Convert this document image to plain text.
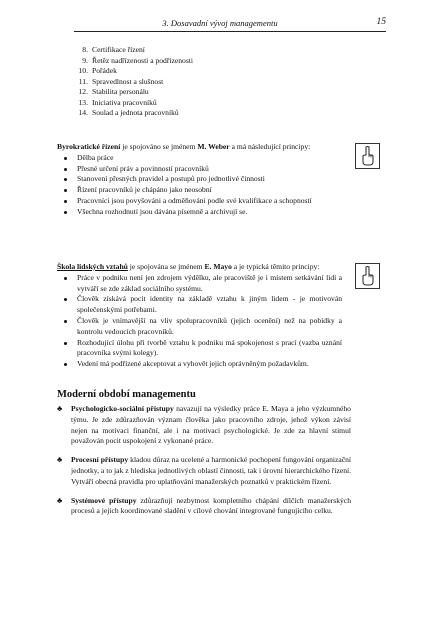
3. Dosavadní vývoj managementu	15
8. Certifikace řízení
9. Řetěz nadřízenosti a podřízenosti
10. Pořádek
11. Spravedlnost a slušnost
12. Stabilita personálu
13. Iniciativa pracovníků
14. Soulad a jednota pracovníků
Byrokratické řízení je spojováno se jménem M. Weber a má následující principy:
Dělba práce
Přesné určení práv a povinností pracovníků
Stanovení přesných pravidel a postupů pro jednotlivé činnosti
Řízení pracovníků je chápáno jako neosobní
Pracovníci jsou povyšováni a odměňováni podle své kvalifikace a schopností
Všechna rozhodnutí jsou dávána písemně a archivují se.
Škola lidských vztahů je spojována se jménem E. Mayo a je typická těmito principy:
Práce v podniku není jen zdrojem výdělku, ale pracoviště je i místem setkávání lidí a vytváří se zde základ sociálního systému.
Člověk získává pocit identity na základě vztahu k jiným lidem - je motivován společenskými potřebami.
Člověk je vnímavější na vliv spolupracovníků (jejich ocenění) než na pobídky a kontrolu vedoucích pracovníků.
Rozhodující úlohu při tvorbě vztahu k podniku má spokojenost s prací (vazba uznání pracovníka svými kolegy).
Vedení má podřízené akceptovat a vyhovět jejich oprávněným požadavkům.
Moderní období managementu
♣ Psychologicko-sociální přístupy navazují na výsledky práce E. Maya a jeho výzkumného týmu. Je zde zdůrazňován význam člověka jako pracovního zdroje, jehož výkon závisí nejen na motivaci finanční, ale i na motivaci psychologické. Je zde za hlavní stimul považován pocit uspokojení z vykonané práce.
♣ Procesní přístupy kladou důraz na ucelené a harmonické pochopení fungování organizační jednotky, a to jak z hlediska jednotlivých oblastí činnosti, tak i úrovní hierarchického řízení. Vytváří obecná pravidla pro uplatňování manažerských poznatků v praktickém řízení.
♣ Systémové přístupy zdůrazňují nezbytnost kompletního chápání dílčích manažerských procesů a jejich koordinované sladění v cílové chování integrované fungujícího celku.
